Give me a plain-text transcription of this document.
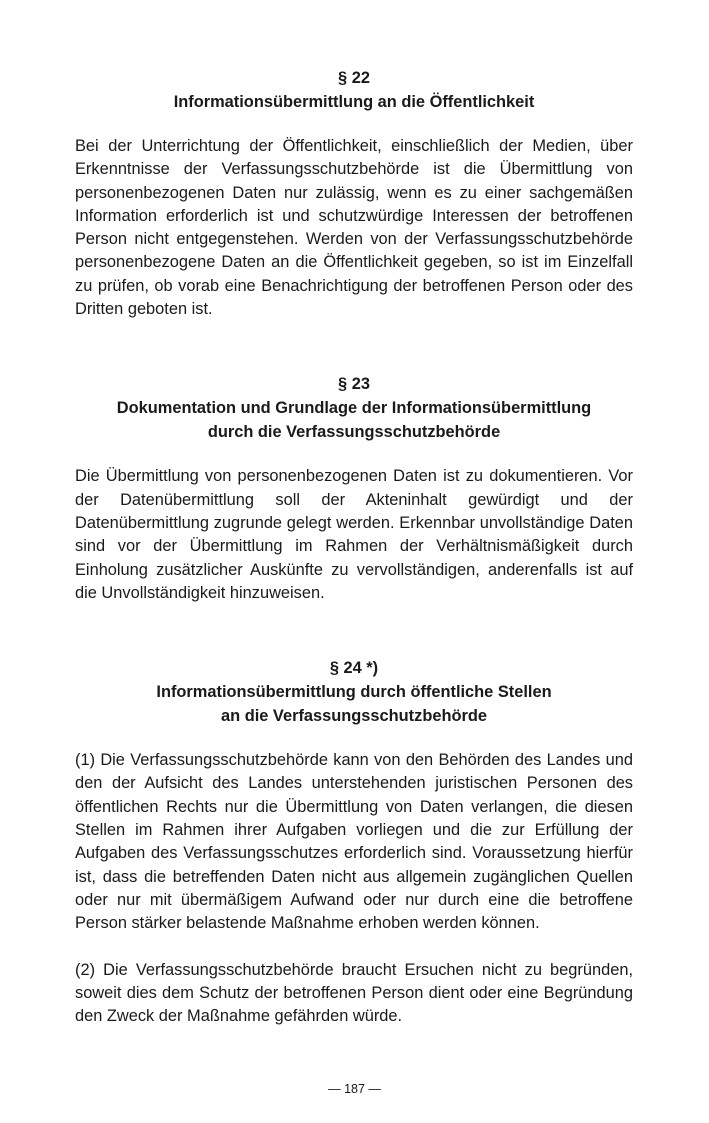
§ 22
Informationsübermittlung an die Öffentlichkeit

Bei der Unterrichtung der Öffentlichkeit, einschließlich der Medien, über Erkenntnisse der Verfassungsschutzbehörde ist die Übermittlung von personenbezogenen Daten nur zulässig, wenn es zu einer sachgemäßen Information erforderlich ist und schutzwürdige Interessen der betroffenen Person nicht entgegenstehen. Werden von der Verfassungsschutzbehörde personenbezogene Daten an die Öffentlichkeit gegeben, so ist im Einzelfall zu prüfen, ob vorab eine Benachrichtigung der betroffenen Person oder des Dritten geboten ist.

§ 23
Dokumentation und Grundlage der Informationsübermittlung
durch die Verfassungsschutzbehörde

Die Übermittlung von personenbezogenen Daten ist zu dokumentieren. Vor der Datenübermittlung soll der Akteninhalt gewürdigt und der Datenübermittlung zugrunde gelegt werden. Erkennbar unvollständige Daten sind vor der Übermittlung im Rahmen der Verhältnismäßigkeit durch Einholung zusätzlicher Auskünfte zu vervollständigen, anderenfalls ist auf die Unvollständigkeit hinzuweisen.

§ 24 *)
Informationsübermittlung durch öffentliche Stellen
an die Verfassungsschutzbehörde

(1) Die Verfassungsschutzbehörde kann von den Behörden des Landes und den der Aufsicht des Landes unterstehenden juristischen Personen des öffentlichen Rechts nur die Übermittlung von Daten verlangen, die diesen Stellen im Rahmen ihrer Aufgaben vorliegen und die zur Erfüllung der Aufgaben des Verfassungsschutzes erforderlich sind. Voraussetzung hierfür ist, dass die betreffenden Daten nicht aus allgemein zugänglichen Quellen oder nur mit übermäßigem Aufwand oder nur durch eine die betroffene Person stärker belastende Maßnahme erhoben werden können.

(2) Die Verfassungsschutzbehörde braucht Ersuchen nicht zu begründen, soweit dies dem Schutz der betroffenen Person dient oder eine Begründung den Zweck der Maßnahme gefährden würde.

— 187 —
